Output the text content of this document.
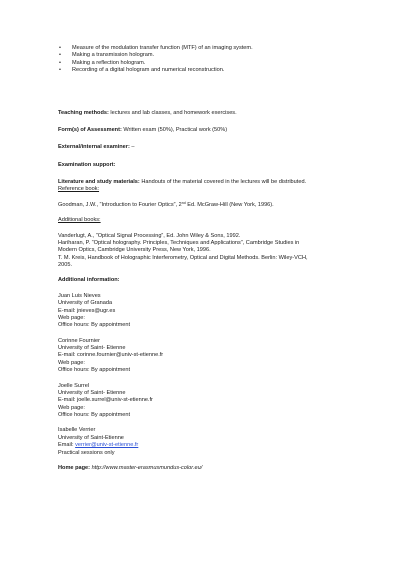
• Measure of the modulation transfer function (MTF) of an imaging system.
• Making a transmission hologram.
• Making a reflection hologram.
• Recording of a digital hologram and numerical reconstruction.

Teaching methods: lectures and lab classes, and homework exercises.

Form(s) of Assessment: Written exam (50%), Practical work (50%)

External/internal examiner: –

Examination support:

Literature and study materials: Handouts of the material covered in the lectures will be distributed.

Reference book:

Goodman, J.W., “Introduction to Fourier Optics”, 2nd Ed. McGraw-Hill (New York, 1996).

Additional books:

Vanderlugt, A., “Optical Signal Processing”, Ed. John Wiley & Sons, 1992.

Hariharan, P. “Optical holography. Principles, Techniques and Applications”, Cambridge Studies in

Modern Optics, Cambridge University Press, New York, 1996.

T. M. Kreis, Handbook of Holographic Interferometry, Optical and Digital Methods. Berlin: Wiley-VCH,

2005.

Additional information:

Juan Luis Nieves

University of Granada

E-mail: jnieves@ugr.es

Web page:

Office hours: By appointment

Corinne Fournier

University of Saint- Etienne

E-mail: corinne.fournier@univ-st-etienne.fr

Web page:

Office hours: By appointment

Joelle Surrel

University of Saint- Etienne

E-mail: joelle.surrel@univ-st-etienne.fr

Web page:

Office hours: By appointment

Isabelle Verrier

University of Saint-Etienne

Email: verrier@univ-st-etienne.fr

Practical sessions only

Home page: http://www.master-erasmusmundus-color.eu/
